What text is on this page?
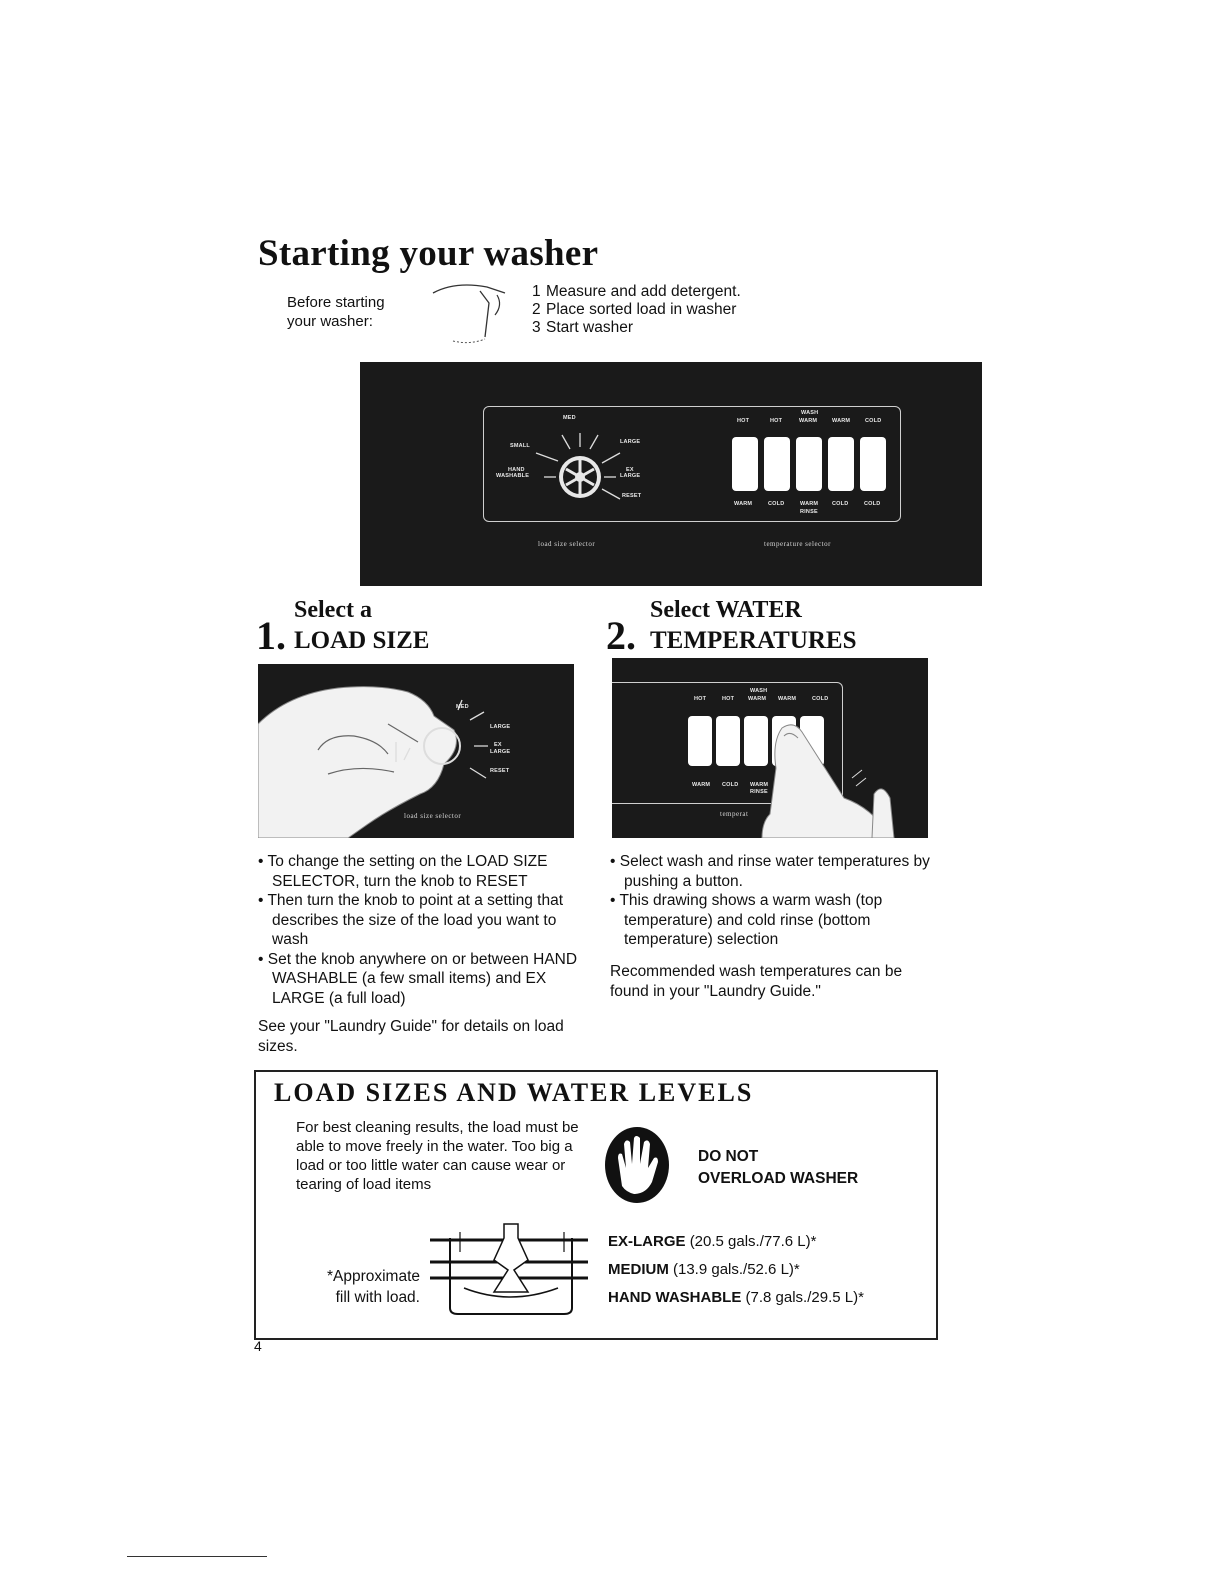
Starting your washer
Before starting your washer:
1 Measure and add detergent.
2 Place sorted load in washer
3 Start washer
MED
SMALL
LARGE
HAND
WASHABLE
EX
LARGE
RESET
WASH
HOT	HOT	WARM	WARM	COLD
WARM	COLD	WARM	COLD	COLD
RINSE
load size selector	temperature selector
Select a
1. LOAD SIZE
MED
LARGE
EX
LARGE
RESET
load size selector
• To change the setting on the LOAD SIZE SELECTOR, turn the knob to RESET
• Then turn the knob to point at a setting that describes the size of the load you want to wash
• Set the knob anywhere on or between HAND WASHABLE (a few small items) and EX LARGE (a full load)

See your "Laundry Guide" for details on load sizes.

Select WATER
2. TEMPERATURES
WASH
HOT	HOT	WARM WARM	COLD
WARM COLD WARM
RINSE
temperat
• Select wash and rinse water temperatures by pushing a button.
• This drawing shows a warm wash (top temperature) and cold rinse (bottom temperature) selection

Recommended wash temperatures can be found in your "Laundry Guide."

LOAD SIZES AND WATER LEVELS

For best cleaning results, the load must be able to move freely in the water. Too big a load or too little water can cause wear or tearing of load items

DO NOT
OVERLOAD WASHER
EX-LARGE (20.5 gals./77.6 L)*
MEDIUM (13.9 gals./52.6 L)*
HAND WASHABLE (7.8 gals./29.5 L)*
*Approximate
fill with load.
4
